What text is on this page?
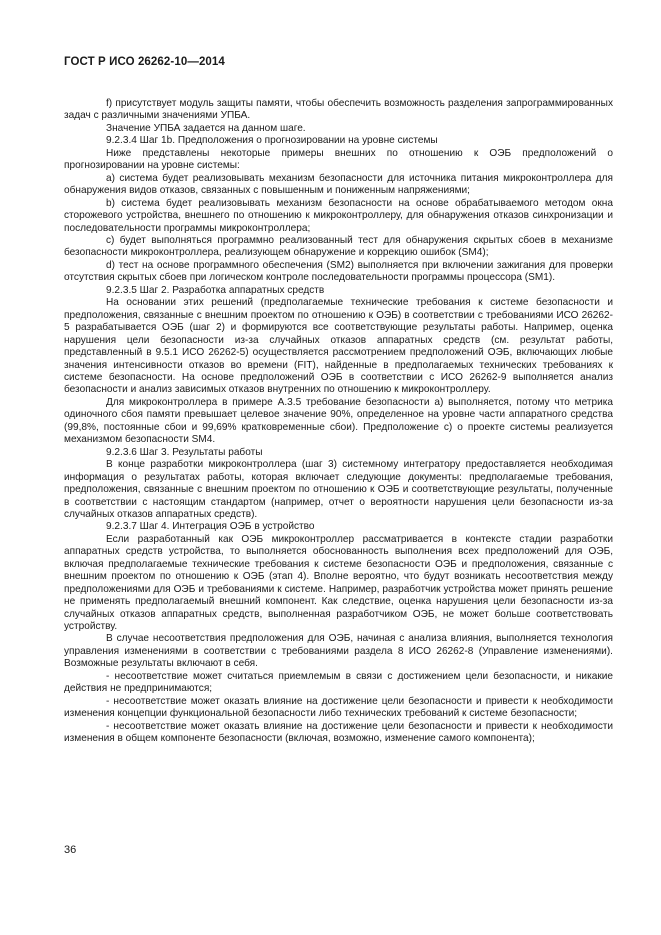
ГОСТ Р ИСО 26262-10—2014

f) присутствует модуль защиты памяти, чтобы обеспечить возможность разделения запрограммированных задач с различными значениями УПБА.

Значение УПБА задается на данном шаге.

9.2.3.4 Шаг 1b. Предположения о прогнозировании на уровне системы

Ниже представлены некоторые примеры внешних по отношению к ОЭБ предположений о прогнозировании на уровне системы:

a) система будет реализовывать механизм безопасности для источника питания микроконтроллера для обнаружения видов отказов, связанных с повышенным и пониженным напряжениями;

b) система будет реализовывать механизм безопасности на основе обрабатываемого методом окна сторожевого устройства, внешнего по отношению к микроконтроллеру, для обнаружения отказов синхронизации и последовательности программы микроконтроллера;

c) будет выполняться программно реализованный тест для обнаружения скрытых сбоев в механизме безопасности микроконтроллера, реализующем обнаружение и коррекцию ошибок (SM4);

d) тест на основе программного обеспечения (SM2) выполняется при включении зажигания для проверки отсутствия скрытых сбоев при логическом контроле последовательности программы процессора (SM1).

9.2.3.5 Шаг 2. Разработка аппаратных средств

На основании этих решений (предполагаемые технические требования к системе безопасности и предположения, связанные с внешним проектом по отношению к ОЭБ) в соответствии с требованиями ИСО 26262-5 разрабатывается ОЭБ (шаг 2) и формируются все соответствующие результаты работы. Например, оценка нарушения цели безопасности из-за случайных отказов аппаратных средств (см. результат работы, представленный в 9.5.1 ИСО 26262-5) осуществляется рассмотрением предположений ОЭБ, включающих любые значения интенсивности отказов во времени (FIT), найденные в предполагаемых технических требованиях к системе безопасности. На основе предположений ОЭБ в соответствии с ИСО 26262-9 выполняется анализ безопасности и анализ зависимых отказов внутренних по отношению к микроконтроллеру.

Для микроконтроллера в примере А.3.5 требование безопасности а) выполняется, потому что метрика одиночного сбоя памяти превышает целевое значение 90%, определенное на уровне части аппаратного средства (99,8%, постоянные сбои и 99,69% кратковременные сбои). Предположение с) о проекте системы реализуется механизмом безопасности SM4.

9.2.3.6 Шаг 3. Результаты работы

В конце разработки микроконтроллера (шаг 3) системному интегратору предоставляется необходимая информация о результатах работы, которая включает следующие документы: предполагаемые требования, предположения, связанные с внешним проектом по отношению к ОЭБ и соответствующие результаты, полученные в соответствии с настоящим стандартом (например, отчет о вероятности нарушения цели безопасности из-за случайных отказов аппаратных средств).

9.2.3.7 Шаг 4. Интеграция ОЭБ в устройство

Если разработанный как ОЭБ микроконтроллер рассматривается в контексте стадии разработки аппаратных средств устройства, то выполняется обоснованность выполнения всех предположений для ОЭБ, включая предполагаемые технические требования к системе безопасности ОЭБ и предположения, связанные с внешним проектом по отношению к ОЭБ (этап 4). Вполне вероятно, что будут возникать несоответствия между предположениями для ОЭБ и требованиями к системе. Например, разработчик устройства может принять решение не применять предполагаемый внешний компонент. Как следствие, оценка нарушения цели безопасности из-за случайных отказов аппаратных средств, выполненная разработчиком ОЭБ, не может больше соответствовать устройству.

В случае несоответствия предположения для ОЭБ, начиная с анализа влияния, выполняется технология управления изменениями в соответствии с требованиями раздела 8 ИСО 26262-8 (Управление изменениями). Возможные результаты включают в себя.

- несоответствие может считаться приемлемым в связи с достижением цели безопасности, и никакие действия не предпринимаются;

- несоответствие может оказать влияние на достижение цели безопасности и привести к необходимости изменения концепции функциональной безопасности либо технических требований к системе безопасности;

- несоответствие может оказать влияние на достижение цели безопасности и привести к необходимости изменения в общем компоненте безопасности (включая, возможно, изменение самого компонента);

36
